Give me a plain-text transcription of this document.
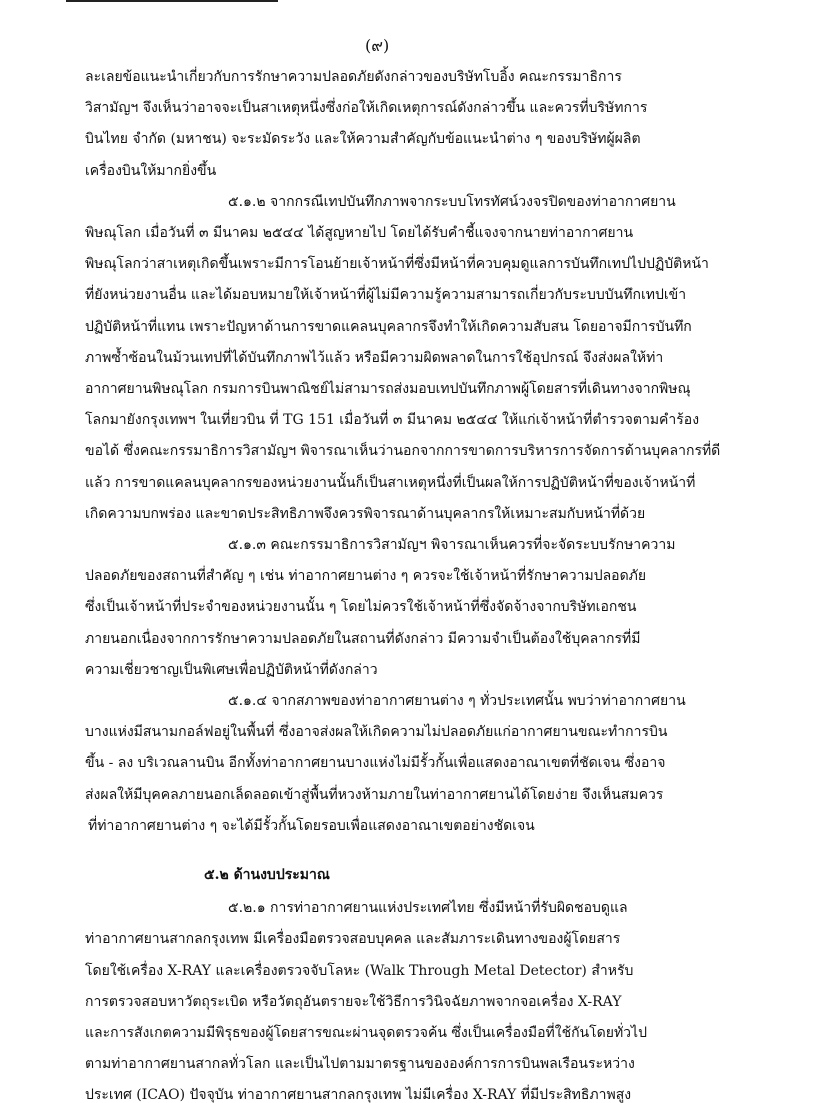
(๙)
ละเลยข้อแนะนำเกี่ยวกับการรักษาความปลอดภัยดังกล่าวของบริษัทโบอิ้ง คณะกรรมาธิการ
วิสามัญฯ จึงเห็นว่าอาจจะเป็นสาเหตุหนึ่งซึ่งก่อให้เกิดเหตุการณ์ดังกล่าวขึ้น และควรที่บริษัทการ
บินไทย จำกัด (มหาชน) จะระมัดระวัง และให้ความสำคัญกับข้อแนะนำต่าง ๆ ของบริษัทผู้ผลิต
เครื่องบินให้มากยิ่งขึ้น
๕.๑.๒ จากกรณีเทปบันทึกภาพจากระบบโทรทัศน์วงจรปิดของท่าอากาศยาน
พิษณุโลก เมื่อวันที่ ๓ มีนาคม ๒๕๔๔ ได้สูญหายไป โดยได้รับคำชี้แจงจากนายท่าอากาศยาน
พิษณุโลกว่าสาเหตุเกิดขึ้นเพราะมีการโอนย้ายเจ้าหน้าที่ซึ่งมีหน้าที่ควบคุมดูแลการบันทึกเทปไปปฏิบัติหน้า
ที่ยังหน่วยงานอื่น และได้มอบหมายให้เจ้าหน้าที่ผู้ไม่มีความรู้ความสามารถเกี่ยวกับระบบบันทึกเทปเข้า
ปฏิบัติหน้าที่แทน เพราะปัญหาด้านการขาดแคลนบุคลากรจึงทำให้เกิดความสับสน โดยอาจมีการบันทึก
ภาพซ้ำซ้อนในม้วนเทปที่ได้บันทึกภาพไว้แล้ว หรือมีความผิดพลาดในการใช้อุปกรณ์ จึงส่งผลให้ท่า
อากาศยานพิษณุโลก กรมการบินพาณิชย์ไม่สามารถส่งมอบเทปบันทึกภาพผู้โดยสารที่เดินทางจากพิษณุ
โลกมายังกรุงเทพฯ ในเที่ยวบิน ที่ TG 151 เมื่อวันที่ ๓ มีนาคม ๒๕๔๔ ให้แก่เจ้าหน้าที่ตำรวจตามคำร้อง
ขอได้ ซึ่งคณะกรรมาธิการวิสามัญฯ พิจารณาเห็นว่านอกจากการขาดการบริหารการจัดการด้านบุคลากรที่ดี
แล้ว การขาดแคลนบุคลากรของหน่วยงานนั้นก็เป็นสาเหตุหนึ่งที่เป็นผลให้การปฏิบัติหน้าที่ของเจ้าหน้าที่
เกิดความบกพร่อง และขาดประสิทธิภาพจึงควรพิจารณาด้านบุคลากรให้เหมาะสมกับหน้าที่ด้วย
๕.๑.๓ คณะกรรมาธิการวิสามัญฯ พิจารณาเห็นควรที่จะจัดระบบรักษาความ
ปลอดภัยของสถานที่สำคัญ ๆ เช่น ท่าอากาศยานต่าง ๆ ควรจะใช้เจ้าหน้าที่รักษาความปลอดภัย
ซึ่งเป็นเจ้าหน้าที่ประจำของหน่วยงานนั้น ๆ โดยไม่ควรใช้เจ้าหน้าที่ซึ่งจัดจ้างจากบริษัทเอกชน
ภายนอกเนื่องจากการรักษาความปลอดภัยในสถานที่ดังกล่าว มีความจำเป็นต้องใช้บุคลากรที่มี
ความเชี่ยวชาญเป็นพิเศษเพื่อปฏิบัติหน้าที่ดังกล่าว
๕.๑.๔ จากสภาพของท่าอากาศยานต่าง ๆ ทั่วประเทศนั้น พบว่าท่าอากาศยาน
บางแห่งมีสนามกอล์ฟอยู่ในพื้นที่ ซึ่งอาจส่งผลให้เกิดความไม่ปลอดภัยแก่อากาศยานขณะทำการบิน
ขึ้น - ลง บริเวณลานบิน อีกทั้งท่าอากาศยานบางแห่งไม่มีรั้วกั้นเพื่อแสดงอาณาเขตที่ชัดเจน ซึ่งอาจ
ส่งผลให้มีบุคคลภายนอกเล็ดลอดเข้าสู่พื้นที่หวงห้ามภายในท่าอากาศยานได้โดยง่าย จึงเห็นสมควร
ที่ท่าอากาศยานต่าง ๆ จะได้มีรั้วกั้นโดยรอบเพื่อแสดงอาณาเขตอย่างชัดเจน
๕.๒ ด้านงบประมาณ
๕.๒.๑ การท่าอากาศยานแห่งประเทศไทย ซึ่งมีหน้าที่รับผิดชอบดูแล
ท่าอากาศยานสากลกรุงเทพ มีเครื่องมือตรวจสอบบุคคล และสัมภาระเดินทางของผู้โดยสาร
โดยใช้เครื่อง X-RAY และเครื่องตรวจจับโลหะ (Walk Through Metal Detector) สำหรับ
การตรวจสอบหาวัตถุระเบิด หรือวัตถุอันตรายจะใช้วิธีการวินิจฉัยภาพจากจอเครื่อง X-RAY
และการสังเกตความมีพิรุธของผู้โดยสารขณะผ่านจุดตรวจค้น ซึ่งเป็นเครื่องมือที่ใช้กันโดยทั่วไป
ตามท่าอากาศยานสากลทั่วโลก และเป็นไปตามมาตรฐานขององค์การการบินพลเรือนระหว่าง
ประเทศ (ICAO) ปัจจุบัน ท่าอากาศยานสากลกรุงเทพ ไม่มีเครื่อง X-RAY ที่มีประสิทธิภาพสูง
